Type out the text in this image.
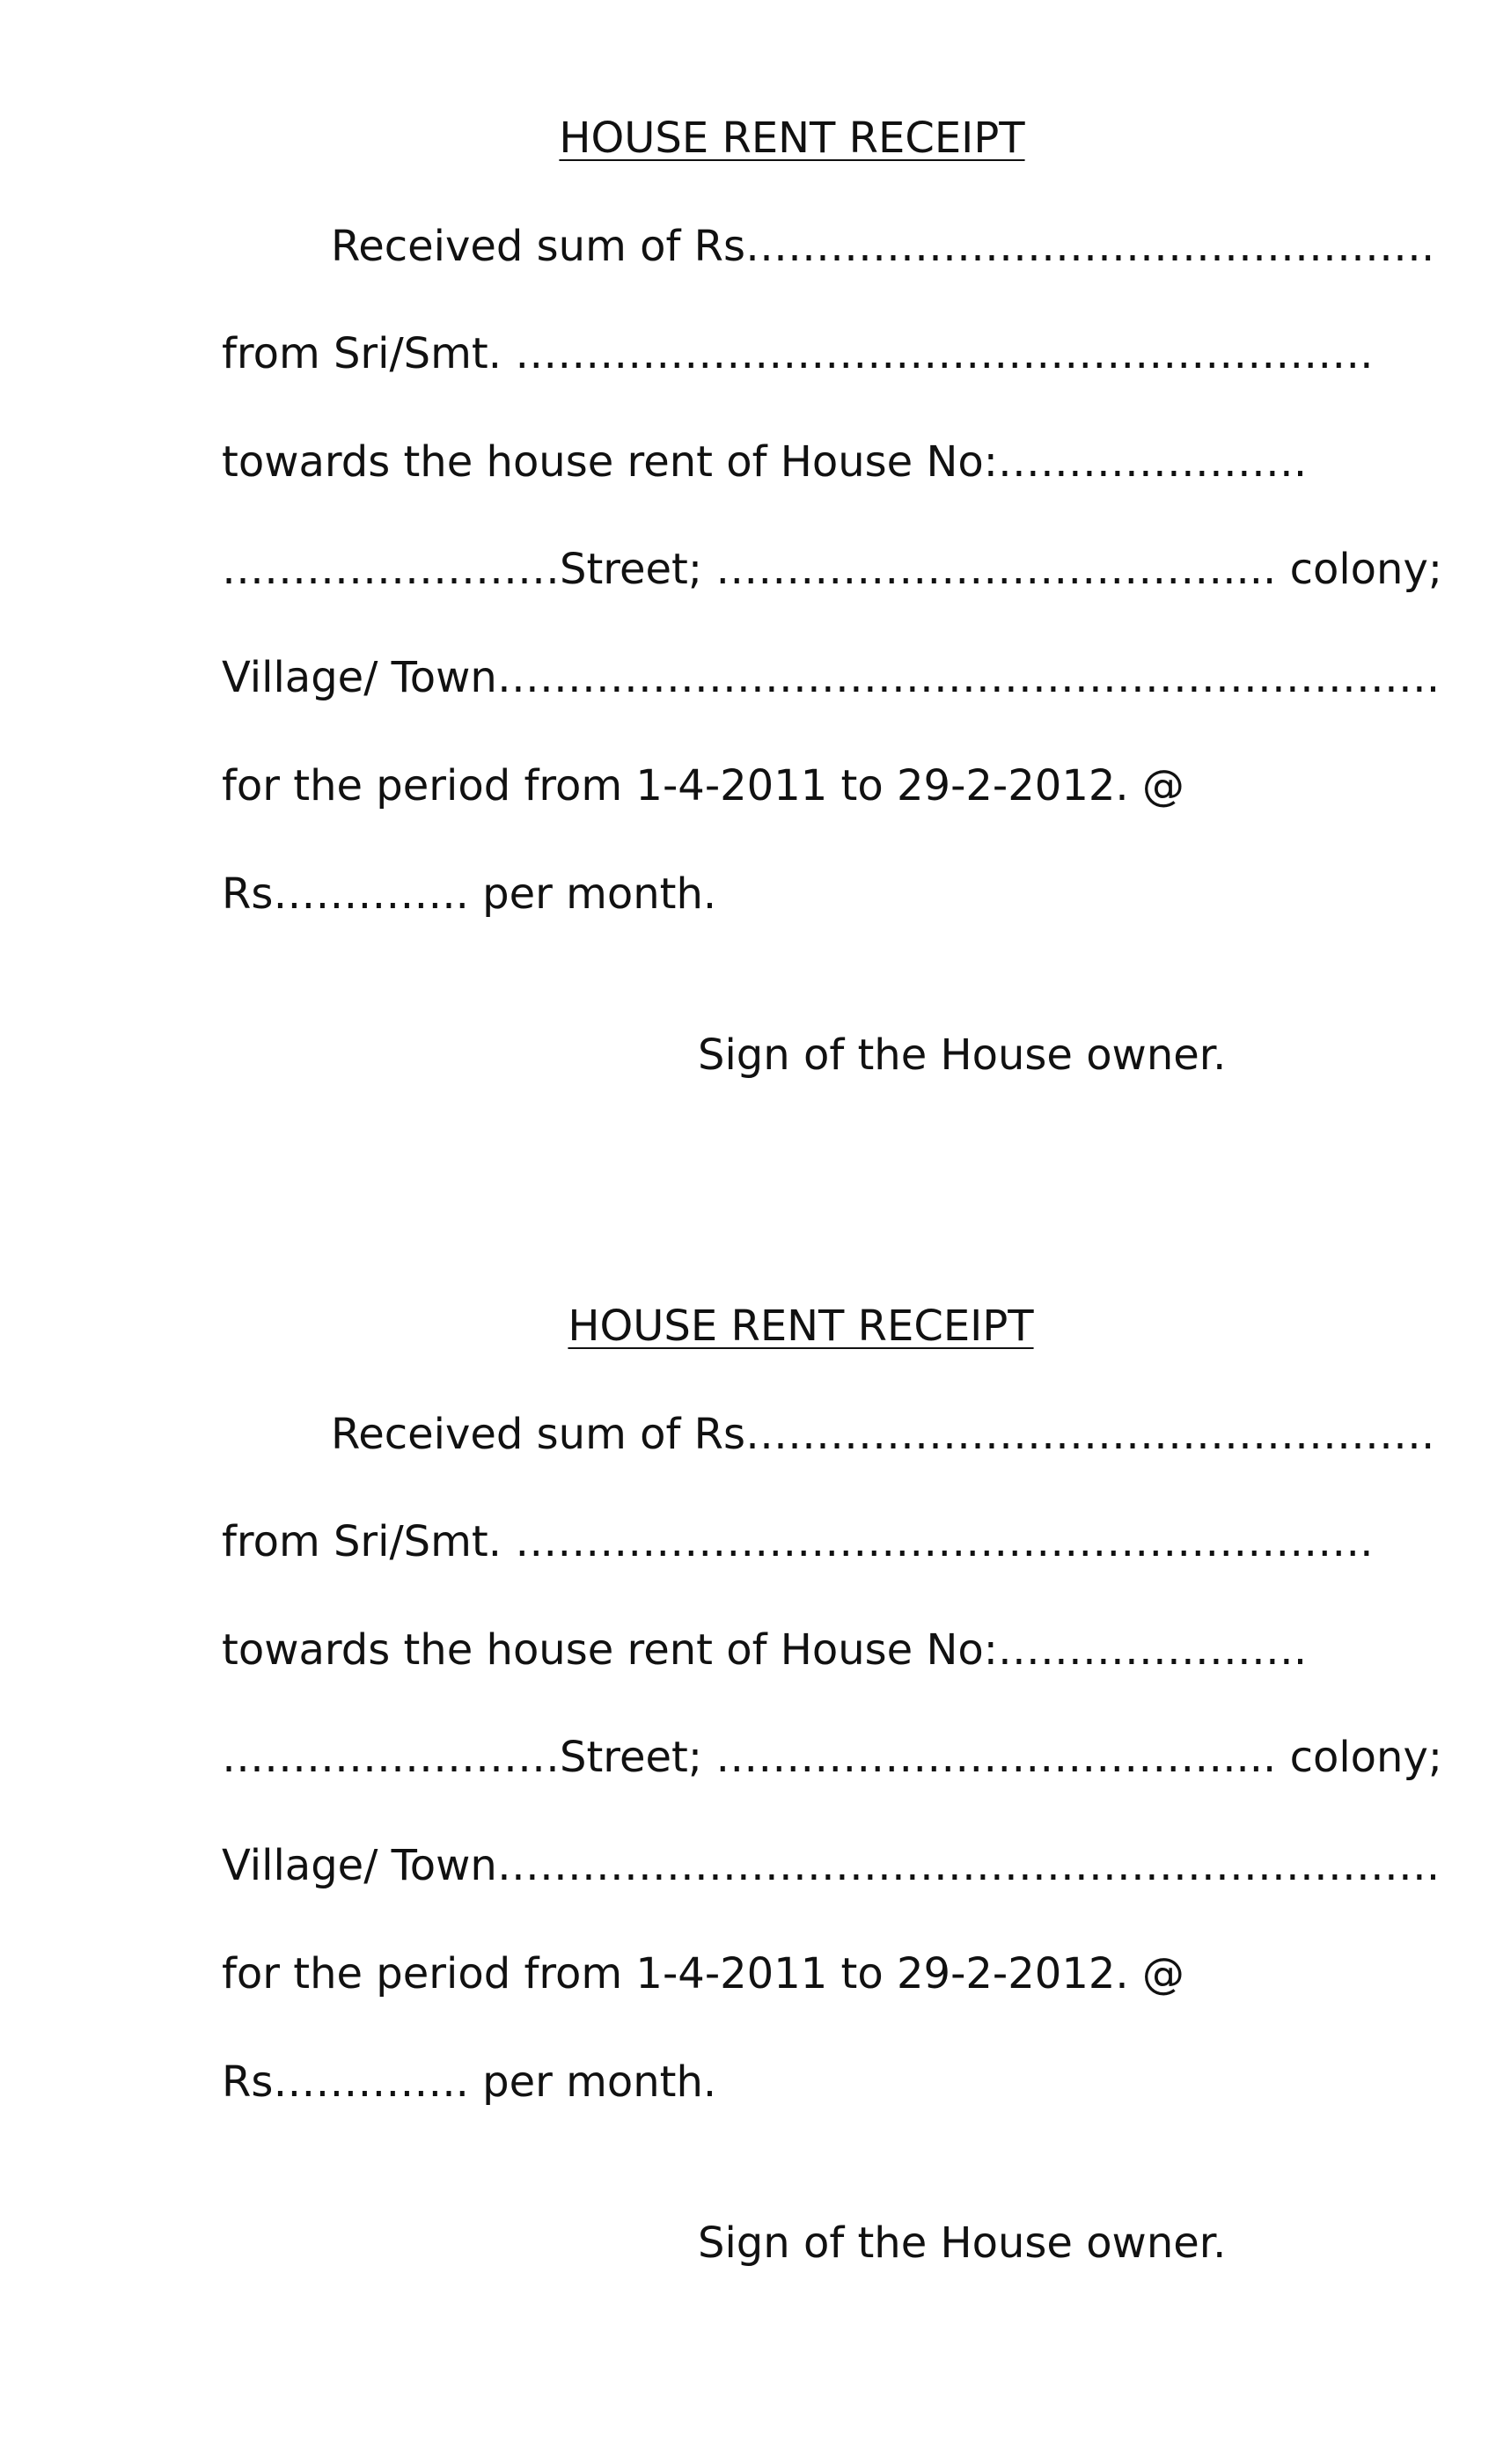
HOUSE RENT RECEIPT
Received sum of Rs………………………………………….
from Sri/Smt. …………………………………………………….
towards the house rent of House No:………………….
……………………Street; ……………………………….... colony;
Village/ Town………………………………………………………….
for the period from 1-4-2011 to 29-2-2012. @
Rs………….. per month.
Sign of the House owner.
HOUSE RENT RECEIPT
Received sum of Rs………………………………………….
from Sri/Smt. …………………………………………………….
towards the house rent of House No:………………….
……………………Street; ……………………………….... colony;
Village/ Town………………………………………………………….
for the period from 1-4-2011 to 29-2-2012. @
Rs………….. per month.
Sign of the House owner.
